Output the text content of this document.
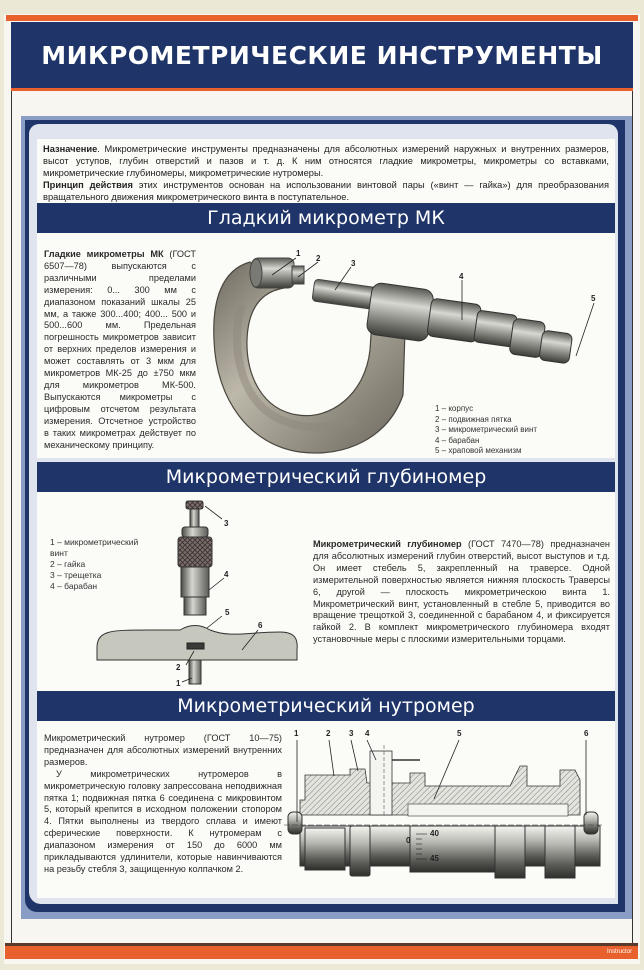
МИКРОМЕТРИЧЕСКИЕ ИНСТРУМЕНТЫ
Назначение. Микрометрические инструменты предназначены для абсолютных измерений наружных и внутренних размеров, высот уступов, глубин отверстий и пазов и т. д. К ним относятся гладкие микрометры, микрометры со вставками, микрометрические глубиномеры, микрометрические нутромеры.
Принцип действия этих инструментов основан на использовании винтовой пары («винт — гайка») для преобразования вращательного движения микрометрического винта в поступательное.
Гладкий микрометр МК
Гладкие микрометры МК (ГОСТ 6507—78) выпускаются с различными пределами измерения: 0... 300 мм с диапазоном показаний шкалы 25 мм, а также 300...400; 400... 500 и 500...600 мм. Предельная погрешность микрометров зависит от верхних пределов измерения и может составлять от 3 мкм для микрометров МК-25 до ±750 мкм для микрометров МК-500. Выпускаются микрометры с цифровым отсчетом результата измерения. Отсчетное устройство в таких микрометрах действует по механическому принципу.
1
2
3
4
5
1 – корпус
2 – подвижная пятка
3 – микрометрический винт
4 – барабан
5 – храповой механизм
Микрометрический глубиномер
1 – микрометрический
винт
2 – гайка
3 – трещетка
4 – барабан
3
4
5
6
2
1
Микрометрический глубиномер (ГОСТ 7470—78) предназначен для абсолютных измерений глубин отверстий, высот выступов и т.д. Он имеет стебель 5, закрепленный на траверсе. Одной измерительной поверхностью является нижняя плоскость Траверсы 6, другой — плоскость микрометрическою винта 1. Микрометрический винт, установленный в стебле 5, приводится во вращение трещоткой 3, соединенной с барабаном 4, и фиксируется гайкой 2. В комплект микрометрического глубиномера входят установочные меры с плоскими измерительными торцами.
Микрометрический нутромер
Микрометрический нутромер (ГОСТ 10—75) предназначен для абсолютных измерений внутренних размеров.
У микрометрических нутромеров в микрометрическую головку запрессована неподвижная пятка 1; подвижная пятка 6 соединена с микровинтом 5, который крепится в исходном положении стопором 4. Пятки выполнены из твердого сплава и имеют сферические поверхности. К нутромерам с диапазоном измерения от 150 до 6000 мм прикладываются удлинители, которые навинчиваются на резьбу стебля 3, защищенную колпачком 2.
1	2 3 4	5	6
0
40
45
Instructor
